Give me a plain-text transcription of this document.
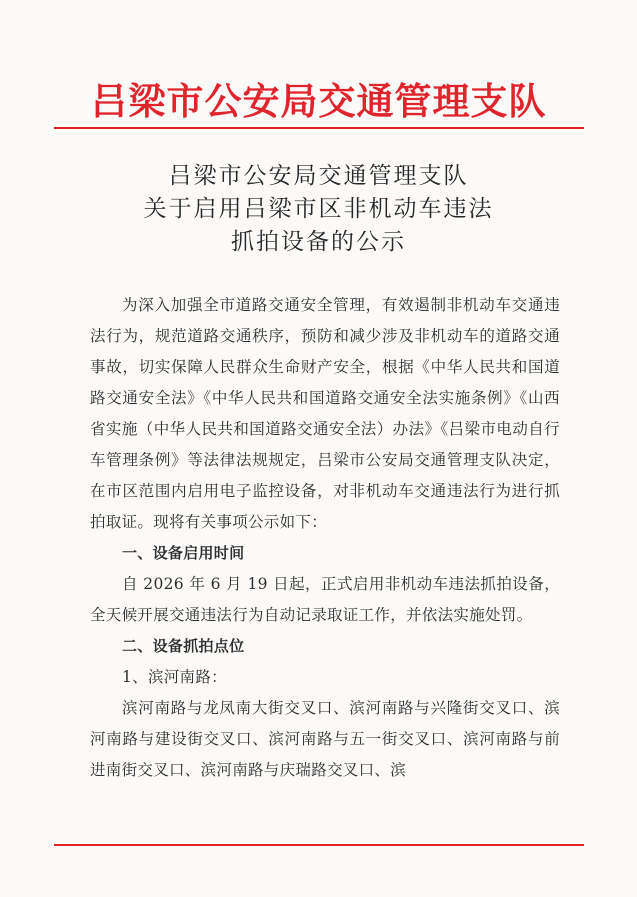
吕梁市公安局交通管理支队
吕梁市公安局交通管理支队
关于启用吕梁市区非机动车违法
抓拍设备的公示

为深入加强全市道路交通安全管理，有效遏制非机动车交通违法行为，规范道路交通秩序，预防和减少涉及非机动车的道路交通事故，切实保障人民群众生命财产安全，根据《中华人民共和国道路交通安全法》《中华人民共和国道路交通安全法实施条例》《山西省实施（中华人民共和国道路交通安全法）办法》《吕梁市电动自行车管理条例》等法律法规规定，吕梁市公安局交通管理支队决定，在市区范围内启用电子监控设备，对非机动车交通违法行为进行抓拍取证。现将有关事项公示如下：

一、设备启用时间

自 2026 年 6 月 19 日起，正式启用非机动车违法抓拍设备，全天候开展交通违法行为自动记录取证工作，并依法实施处罚。

二、设备抓拍点位

1、滨河南路：

滨河南路与龙凤南大街交叉口、滨河南路与兴隆街交叉口、滨河南路与建设街交叉口、滨河南路与五一街交叉口、滨河南路与前进南街交叉口、滨河南路与庆瑞路交叉口、滨
